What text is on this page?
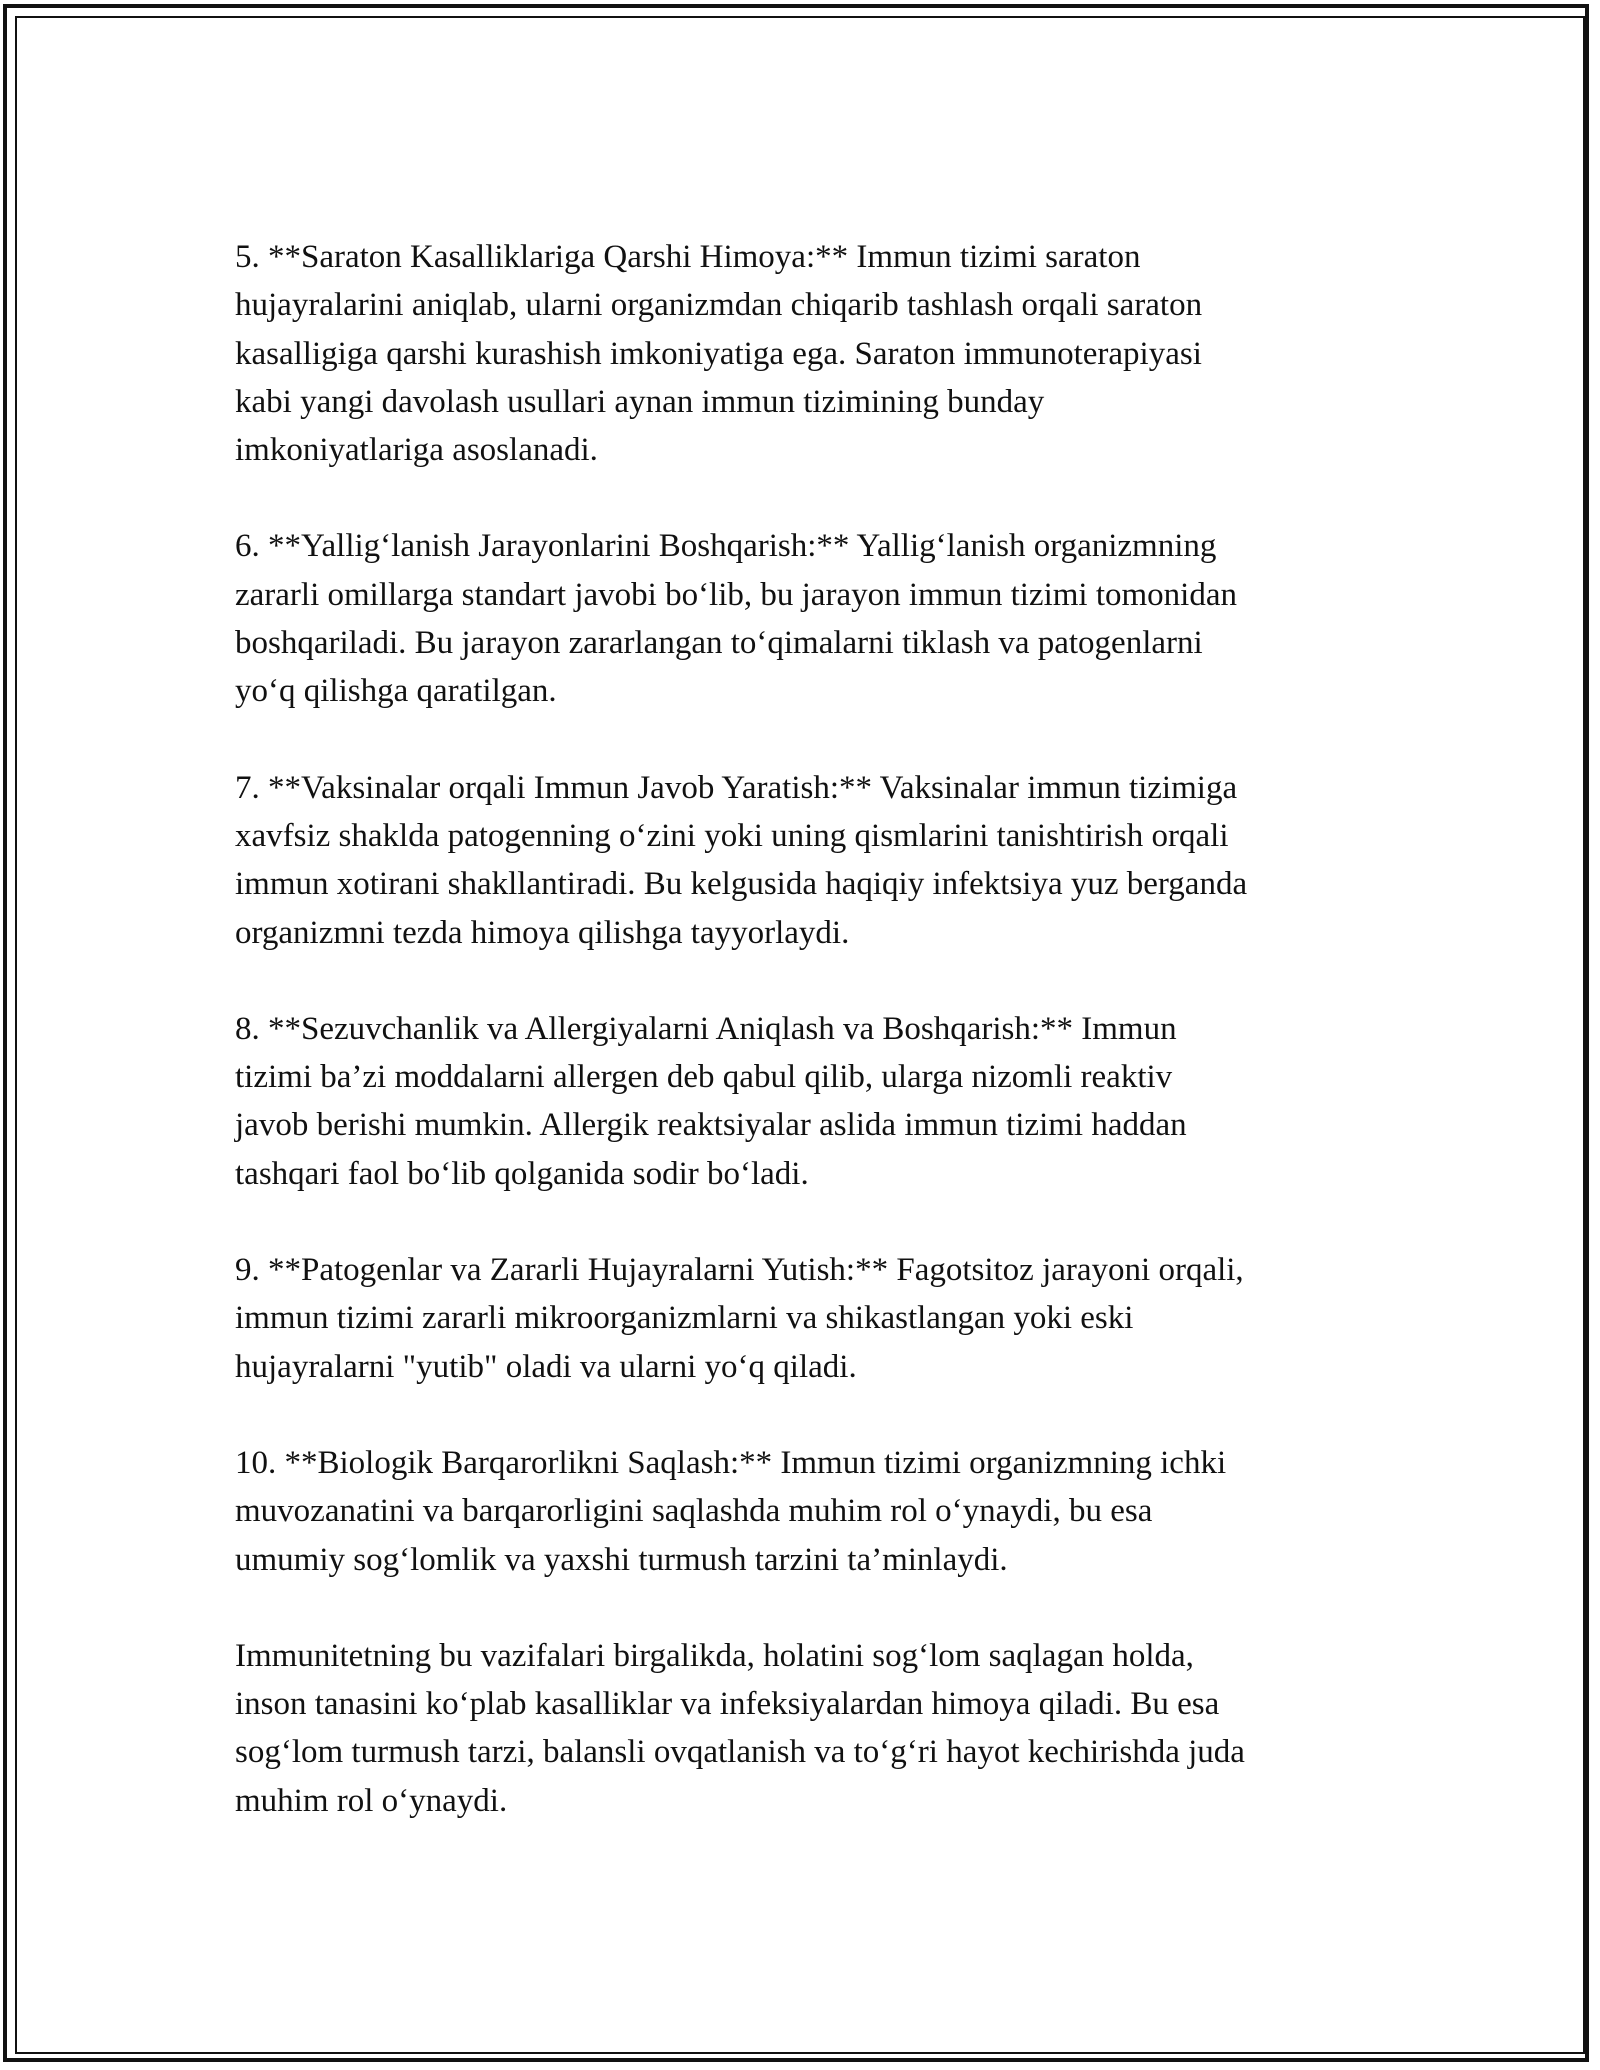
5. **Saraton Kasalliklariga Qarshi Himoya:** Immun tizimi saraton
hujayralarini aniqlab, ularni organizmdan chiqarib tashlash orqali saraton
kasalligiga qarshi kurashish imkoniyatiga ega. Saraton immunoterapiyasi
kabi yangi davolash usullari aynan immun tizimining bunday
imkoniyatlariga asoslanadi.

6. **Yallig‘lanish Jarayonlarini Boshqarish:** Yallig‘lanish organizmning
zararli omillarga standart javobi bo‘lib, bu jarayon immun tizimi tomonidan
boshqariladi. Bu jarayon zararlangan to‘qimalarni tiklash va patogenlarni
yo‘q qilishga qaratilgan.

7. **Vaksinalar orqali Immun Javob Yaratish:** Vaksinalar immun tizimiga
xavfsiz shaklda patogenning o‘zini yoki uning qismlarini tanishtirish orqali
immun xotirani shakllantiradi. Bu kelgusida haqiqiy infektsiya yuz berganda
organizmni tezda himoya qilishga tayyorlaydi.

8. **Sezuvchanlik va Allergiyalarni Aniqlash va Boshqarish:** Immun
tizimi ba’zi moddalarni allergen deb qabul qilib, ularga nizomli reaktiv
javob berishi mumkin. Allergik reaktsiyalar aslida immun tizimi haddan
tashqari faol bo‘lib qolganida sodir bo‘ladi.

9. **Patogenlar va Zararli Hujayralarni Yutish:** Fagotsitoz jarayoni orqali,
immun tizimi zararli mikroorganizmlarni va shikastlangan yoki eski
hujayralarni "yutib" oladi va ularni yo‘q qiladi.

10. **Biologik Barqarorlikni Saqlash:** Immun tizimi organizmning ichki
muvozanatini va barqarorligini saqlashda muhim rol o‘ynaydi, bu esa
umumiy sog‘lomlik va yaxshi turmush tarzini ta’minlaydi.

Immunitetning bu vazifalari birgalikda, holatini sog‘lom saqlagan holda,
inson tanasini ko‘plab kasalliklar va infeksiyalardan himoya qiladi. Bu esa
sog‘lom turmush tarzi, balansli ovqatlanish va to‘g‘ri hayot kechirishda juda
muhim rol o‘ynaydi.
